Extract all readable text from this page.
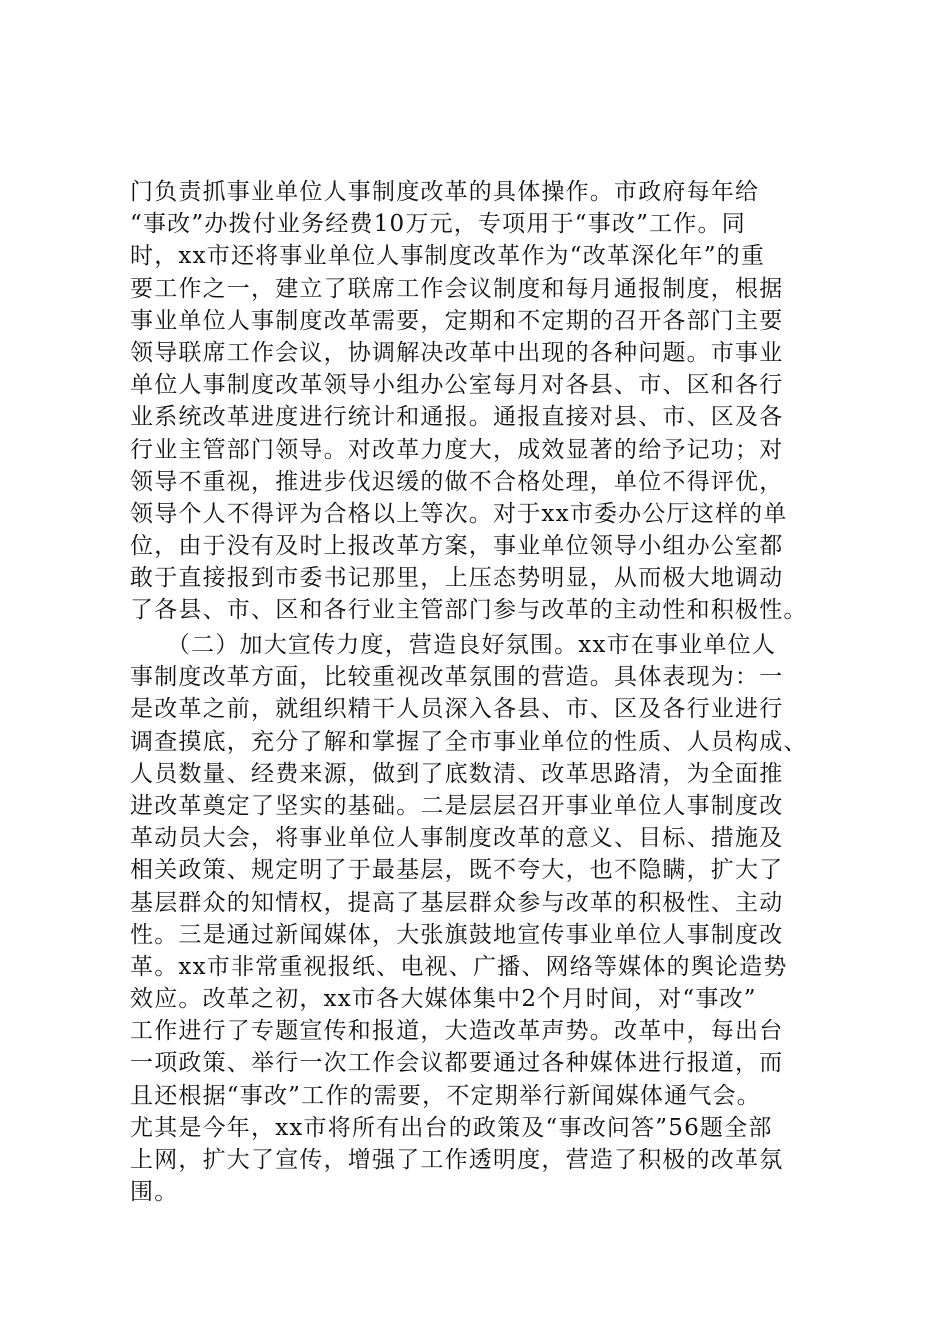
门负责抓事业单位人事制度改革的具体操作。市政府每年给
“事改”办拨付业务经费10万元，专项用于“事改”工作。同
时，xx市还将事业单位人事制度改革作为“改革深化年”的重
要工作之一，建立了联席工作会议制度和每月通报制度，根据
事业单位人事制度改革需要，定期和不定期的召开各部门主要
领导联席工作会议，协调解决改革中出现的各种问题。市事业
单位人事制度改革领导小组办公室每月对各县、市、区和各行
业系统改革进度进行统计和通报。通报直接对县、市、区及各
行业主管部门领导。对改革力度大，成效显著的给予记功；对
领导不重视，推进步伐迟缓的做不合格处理，单位不得评优，
领导个人不得评为合格以上等次。对于xx市委办公厅这样的单
位，由于没有及时上报改革方案，事业单位领导小组办公室都
敢于直接报到市委书记那里，上压态势明显，从而极大地调动
了各县、市、区和各行业主管部门参与改革的主动性和积极性。
　　（二）加大宣传力度，营造良好氛围。xx市在事业单位人
事制度改革方面，比较重视改革氛围的营造。具体表现为：一
是改革之前，就组织精干人员深入各县、市、区及各行业进行
调查摸底，充分了解和掌握了全市事业单位的性质、人员构成、
人员数量、经费来源，做到了底数清、改革思路清，为全面推
进改革奠定了坚实的基础。二是层层召开事业单位人事制度改
革动员大会，将事业单位人事制度改革的意义、目标、措施及
相关政策、规定明了于最基层，既不夸大，也不隐瞒，扩大了
基层群众的知情权，提高了基层群众参与改革的积极性、主动
性。三是通过新闻媒体，大张旗鼓地宣传事业单位人事制度改
革。xx市非常重视报纸、电视、广播、网络等媒体的舆论造势
效应。改革之初，xx市各大媒体集中2个月时间，对“事改”
工作进行了专题宣传和报道，大造改革声势。改革中，每出台
一项政策、举行一次工作会议都要通过各种媒体进行报道，而
且还根据“事改”工作的需要，不定期举行新闻媒体通气会。
尤其是今年，xx市将所有出台的政策及“事改问答”56题全部
上网，扩大了宣传，增强了工作透明度，营造了积极的改革氛
围。
